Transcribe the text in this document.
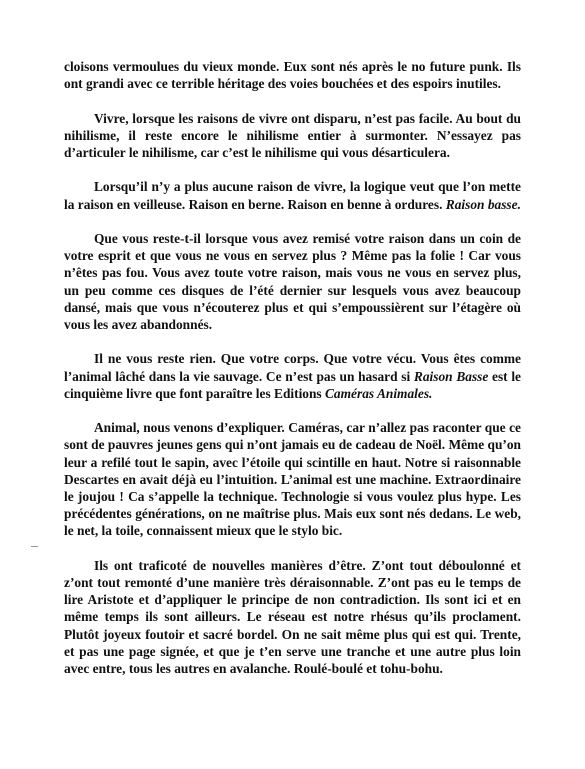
cloisons vermoulues du vieux monde. Eux sont nés après le no future punk. Ils ont grandi avec ce terrible héritage des voies bouchées et des espoirs inutiles.

Vivre, lorsque les raisons de vivre ont disparu, n’est pas facile. Au bout du nihilisme, il reste encore le nihilisme entier à surmonter. N’essayez pas d’articuler le nihilisme, car c’est le nihilisme qui vous désarticulera.

Lorsqu’il n’y a plus aucune raison de vivre, la logique veut que l’on mette la raison en veilleuse. Raison en berne. Raison en benne à ordures. Raison basse.

Que vous reste-t-il lorsque vous avez remisé votre raison dans un coin de votre esprit et que vous ne vous en servez plus ? Même pas la folie ! Car vous n’êtes pas fou. Vous avez toute votre raison, mais vous ne vous en servez plus, un peu comme ces disques de l’été dernier sur lesquels vous avez beaucoup dansé, mais que vous n’écouterez plus et qui s’empoussièrent sur l’étagère où vous les avez abandonnés.

Il ne vous reste rien. Que votre corps. Que votre vécu. Vous êtes comme l’animal lâché dans la vie sauvage. Ce n’est pas un hasard si Raison Basse est le cinquième livre que font paraître les Editions Caméras Animales.

Animal, nous venons d’expliquer. Caméras, car n’allez pas raconter que ce sont de pauvres jeunes gens qui n’ont jamais eu de cadeau de Noël. Même qu’on leur a refilé tout le sapin, avec l’étoile qui scintille en haut. Notre si raisonnable Descartes en avait déjà eu l’intuition. L’animal est une machine. Extraordinaire le joujou ! Ca s’appelle la technique. Technologie si vous voulez plus hype. Les précédentes générations, on ne maîtrise plus. Mais eux sont nés dedans. Le web, le net, la toile, connaissent mieux que le stylo bic.

Ils ont traficoté de nouvelles manières d’être. Z’ont tout déboulonné et z’ont tout remonté d’une manière très déraisonnable. Z’ont pas eu le temps de lire Aristote et d’appliquer le principe de non contradiction. Ils sont ici et en même temps ils sont ailleurs. Le réseau est notre rhésus qu’ils proclament. Plutôt joyeux foutoir et sacré bordel. On ne sait même plus qui est qui. Trente, et pas une page signée, et que je t’en serve une tranche et une autre plus loin avec entre, tous les autres en avalanche. Roulé-boulé et tohu-bohu.
